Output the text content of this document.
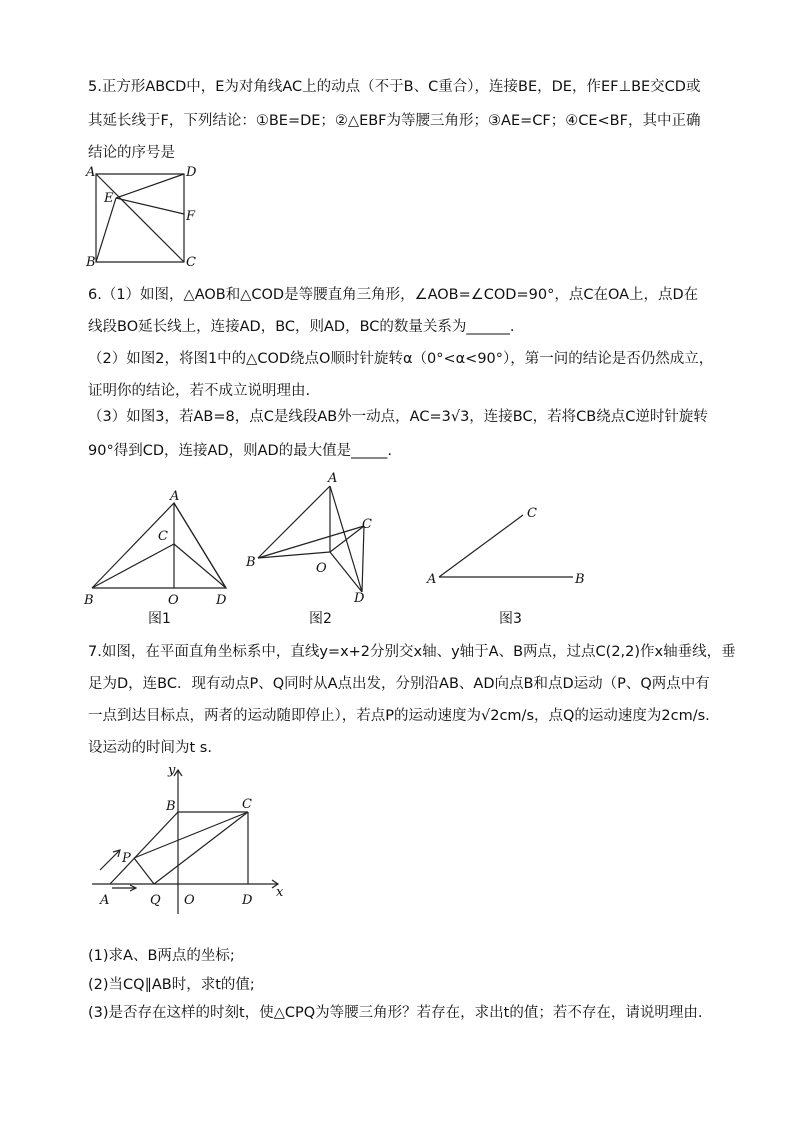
5.正方形ABCD中，E为对角线AC上的动点（不于B、C重合），连接BE，DE，作EF⊥BE交CD或
其延长线于F，下列结论：①BE=DE；②△EBF为等腰三角形；③AE=CF；④CE<BF，其中正确
结论的序号是
A	D
E
F
B	C
6.（1）如图，△AOB和△COD是等腰直角三角形，∠AOB=∠COD=90°，点C在OA上，点D在
线段BO延长线上，连接AD，BC，则AD，BC的数量关系为______.
（2）如图2，将图1中的△COD绕点O顺时针旋转α（0°<α<90°），第一问的结论是否仍然成立，
证明你的结论，若不成立说明理由.
（3）如图3，若AB=8，点C是线段AB外一动点，AC=3√3，连接BC，若将CB绕点C逆时针旋转
90°得到CD，连接AD，则AD的最大值是_____.
A
C
B	O	D
A
C
B	O
D
C
A	B
图1	图2	图3
7.如图，在平面直角坐标系中，直线y=x+2分别交x轴、y轴于A、B两点，过点C(2,2)作x轴垂线，垂
足为D，连BC．现有动点P、Q同时从A点出发，分别沿AB、AD向点B和点D运动（P、Q两点中有
一点到达目标点，两者的运动随即停止），若点P的运动速度为√2cm/s，点Q的运动速度为2cm/s.
设运动的时间为t s.
y
B	C
P
A	Q O	D
x
(1)求A、B两点的坐标;
(2)当CQ∥AB时，求t的值;
(3)是否存在这样的时刻t，使△CPQ为等腰三角形？若存在，求出t的值；若不存在，请说明理由.
